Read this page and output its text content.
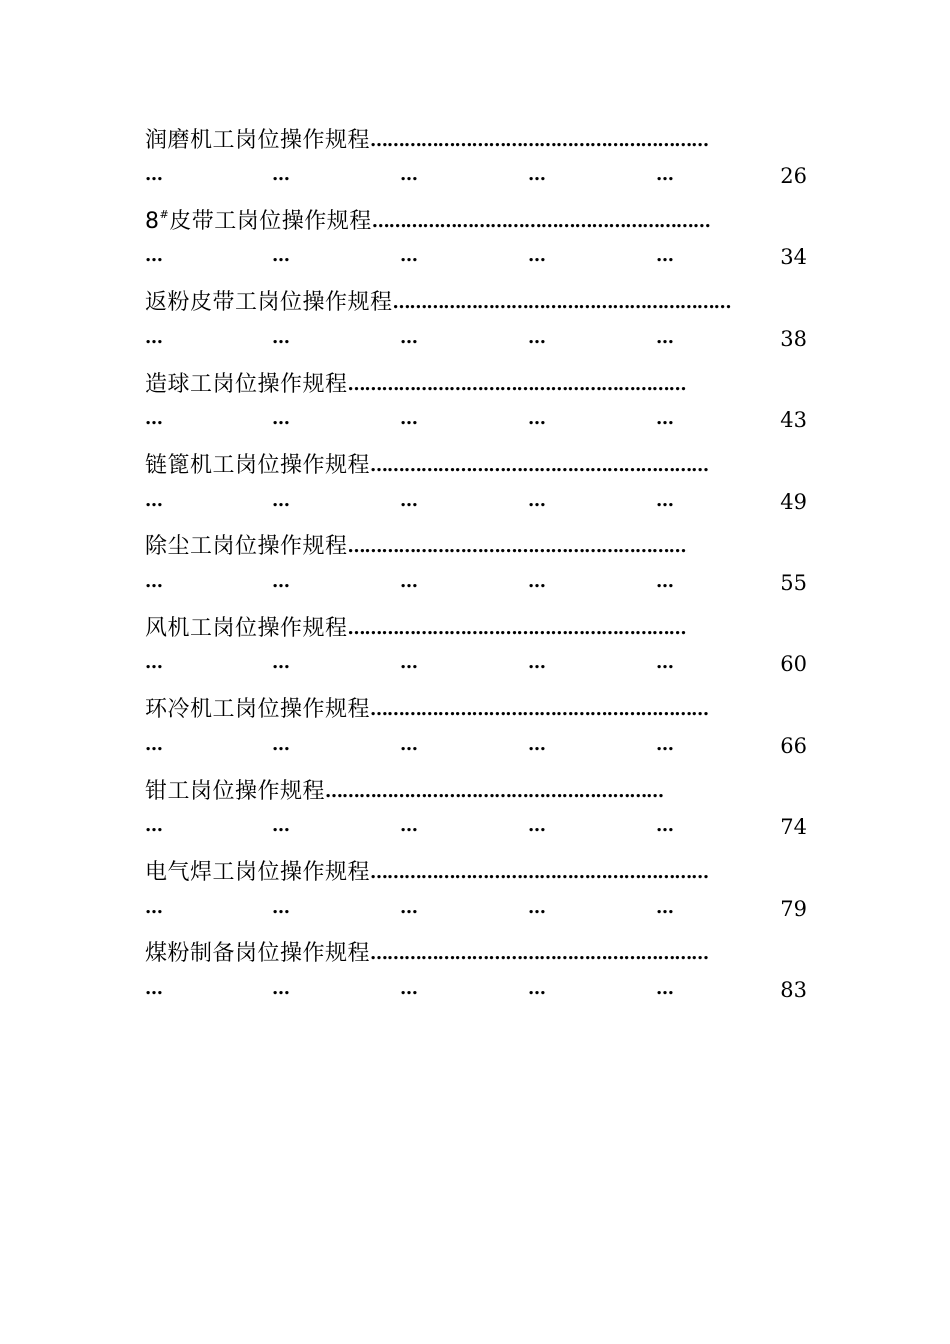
润磨机工岗位操作规程 ……………………………………………………
…	…	…	…	…	26
8#皮带工岗位操作规程 ……………………………………………………
…	…	…	…	…	34
返粉皮带工岗位操作规程 ……………………………………………………
…	…	…	…	…	38
造球工岗位操作规程 ……………………………………………………
…	…	…	…	…	43
链篦机工岗位操作规程 ……………………………………………………
…	…	…	…	…	49
除尘工岗位操作规程 ……………………………………………………
…	…	…	…	…	55
风机工岗位操作规程 ……………………………………………………
…	…	…	…	…	60
环冷机工岗位操作规程 ……………………………………………………
…	…	…	…	…	66
钳工岗位操作规程 ……………………………………………………
…	…	…	…	…	74
电气焊工岗位操作规程 ……………………………………………………
…	…	…	…	…	79
煤粉制备岗位操作规程 ……………………………………………………
…	…	…	…	…	83
